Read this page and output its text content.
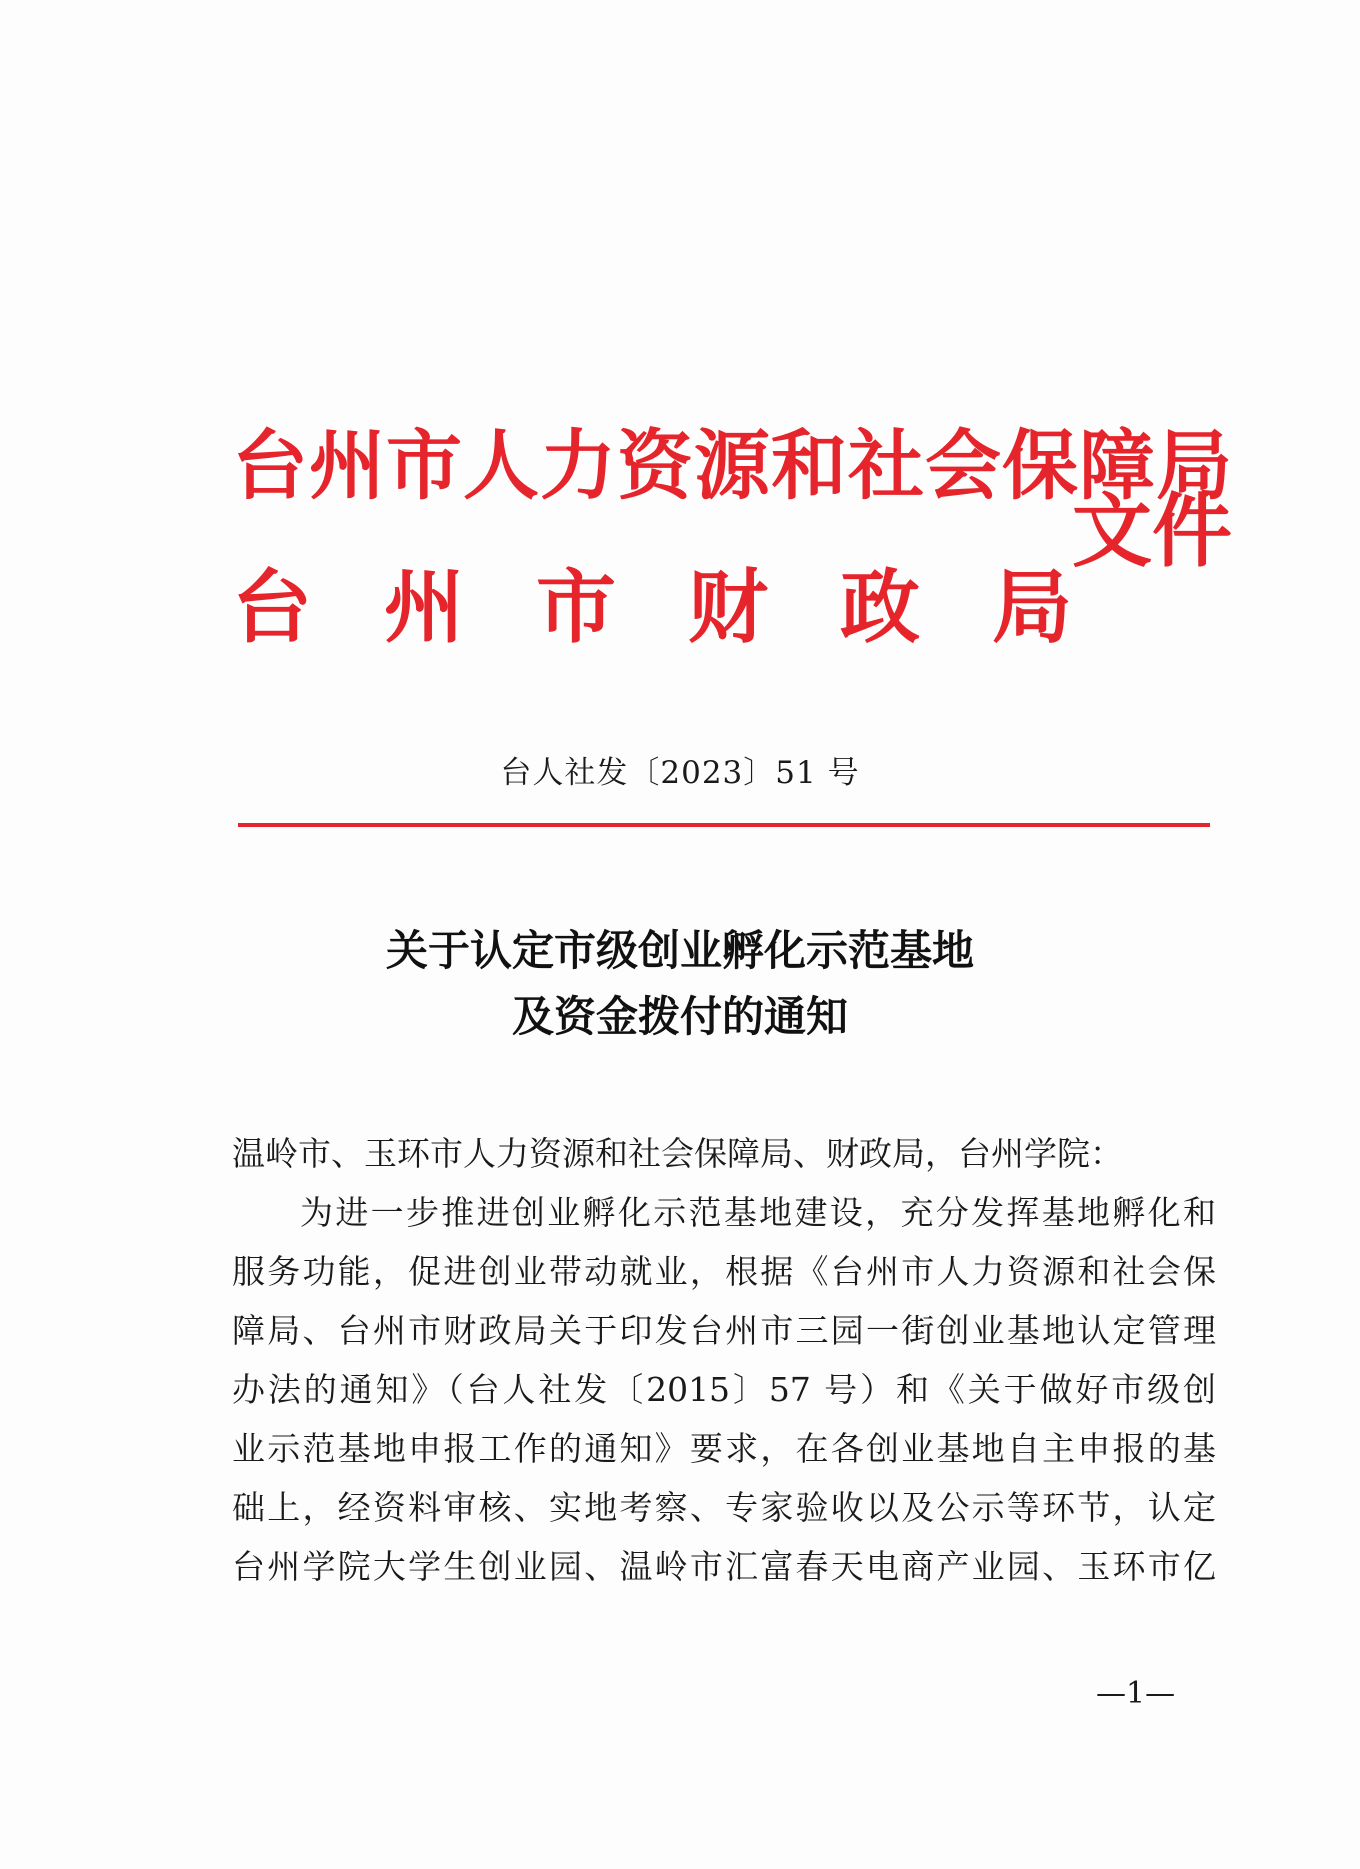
台州市人力资源和社会保障局
台 州 市 财 政 局
文件
台人社发〔2023〕51 号
关于认定市级创业孵化示范基地
及资金拨付的通知
温岭市、玉环市人力资源和社会保障局、财政局，台州学院：
为进一步推进创业孵化示范基地建设，充分发挥基地孵化和
服务功能，促进创业带动就业，根据《台州市人力资源和社会保
障局、台州市财政局关于印发台州市三园一街创业基地认定管理
办法的通知》（台人社发〔2015〕57 号）和《关于做好市级创
业示范基地申报工作的通知》要求，在各创业基地自主申报的基
础上，经资料审核、实地考察、专家验收以及公示等环节，认定
台州学院大学生创业园、温岭市汇富春天电商产业园、玉环市亿
—1—
